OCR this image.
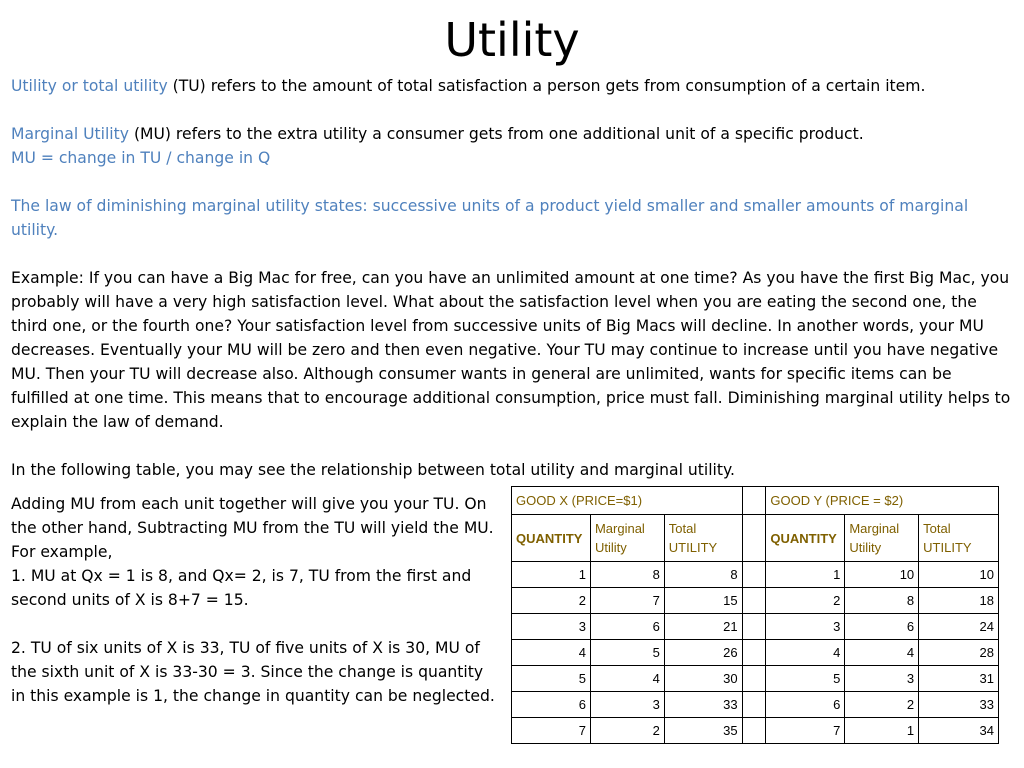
Utility

Utility or total utility (TU) refers to the amount of total satisfaction a person gets from consumption of a certain item.

Marginal Utility (MU) refers to the extra utility a consumer gets from one additional unit of a specific product.

MU = change in TU / change in Q

The law of diminishing marginal utility states: successive units of a product yield smaller and smaller amounts of marginal utility.

Example: If you can have a Big Mac for free, can you have an unlimited amount at one time? As you have the first Big Mac, you probably will have a very high satisfaction level. What about the satisfaction level when you are eating the second one, the third one, or the fourth one? Your satisfaction level from successive units of Big Macs will decline. In another words, your MU decreases. Eventually your MU will be zero and then even negative. Your TU may continue to increase until you have negative MU. Then your TU will decrease also. Although consumer wants in general are unlimited, wants for specific items can be fulfilled at one time. This means that to encourage additional consumption, price must fall. Diminishing marginal utility helps to explain the law of demand.

In the following table, you may see the relationship between total utility and marginal utility.

Adding MU from each unit together will give you your TU. On the other hand, Subtracting MU from the TU will yield the MU.

For example,

1. MU at Qx = 1 is 8, and Qx= 2, is 7, TU from the first and second units of X is 8+7 = 15.

2. TU of six units of X is 33, TU of five units of X is 30, MU of the sixth unit of X is 33-30 = 3. Since the change is quantity in this example is 1, the change in quantity can be neglected.

GOOD X (PRICE=$1)				GOOD Y (PRICE = $2)		
QUANTITY	Marginal Utility	Total UTILITY		QUANTITY	Marginal Utility	Total UTILITY
1	8	8		1	10	10
2	7	15		2	8	18
3	6	21		3	6	24
4	5	26		4	4	28
5	4	30		5	3	31
6	3	33		6	2	33
7	2	35		7	1	34
